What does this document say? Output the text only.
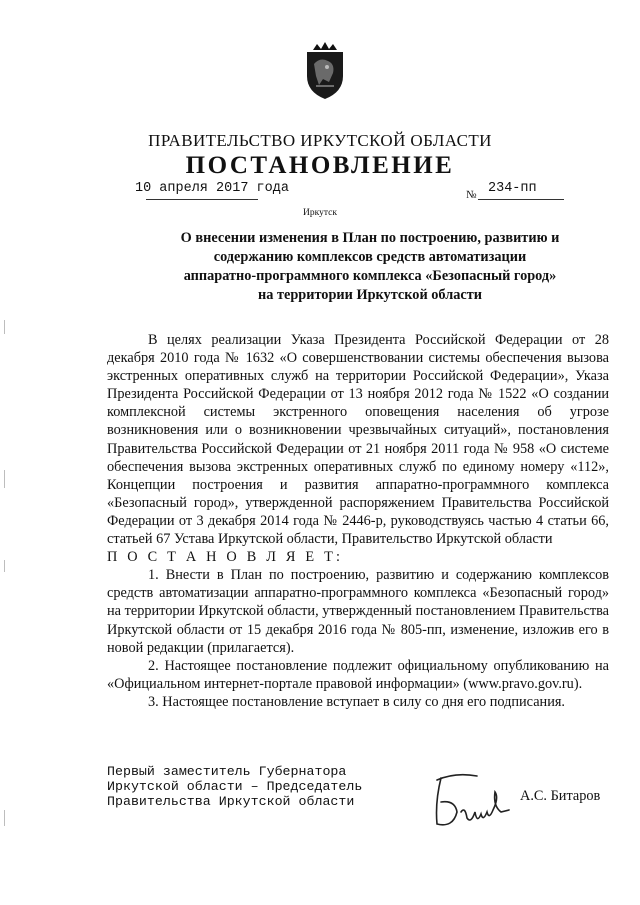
ПРАВИТЕЛЬСТВО ИРКУТСКОЙ ОБЛАСТИ
ПОСТАНОВЛЕНИЕ
10 апреля 2017 года	№ 234-пп
Иркутск
О внесении изменения в План по построению, развитию и
содержанию комплексов средств автоматизации
аппаратно-программного комплекса «Безопасный город»
на территории Иркутской области

В целях реализации Указа Президента Российской Федерации от 28 декабря 2010 года № 1632 «О совершенствовании системы обеспечения вызова экстренных оперативных служб на территории Российской Федерации», Указа Президента Российской Федерации от 13 ноября 2012 года № 1522 «О создании комплексной системы экстренного оповещения населения об угрозе возникновения или о возникновении чрезвычайных ситуаций», постановления Правительства Российской Федерации от 21 ноября 2011 года № 958 «О системе обеспечения вызова экстренных оперативных служб по единому номеру «112», Концепции построения и развития аппаратно-программного комплекса «Безопасный город», утвержденной распоряжением Правительства Российской Федерации от 3 декабря 2014 года № 2446-р, руководствуясь частью 4 статьи 66, статьей 67 Устава Иркутской области, Правительство Иркутской области

П О С Т А Н О В Л Я Е Т:

1. Внести в План по построению, развитию и содержанию комплексов средств автоматизации аппаратно-программного комплекса «Безопасный город» на территории Иркутской области, утвержденный постановлением Правительства Иркутской области от 15 декабря 2016 года № 805-пп, изменение, изложив его в новой редакции (прилагается).

2. Настоящее постановление подлежит официальному опубликованию на «Официальном интернет-портале правовой информации» (www.pravo.gov.ru).

3. Настоящее постановление вступает в силу со дня его подписания.

Первый заместитель Губернатора
Иркутской области – Председатель
Правительства Иркутской области	А.С. Битаров
